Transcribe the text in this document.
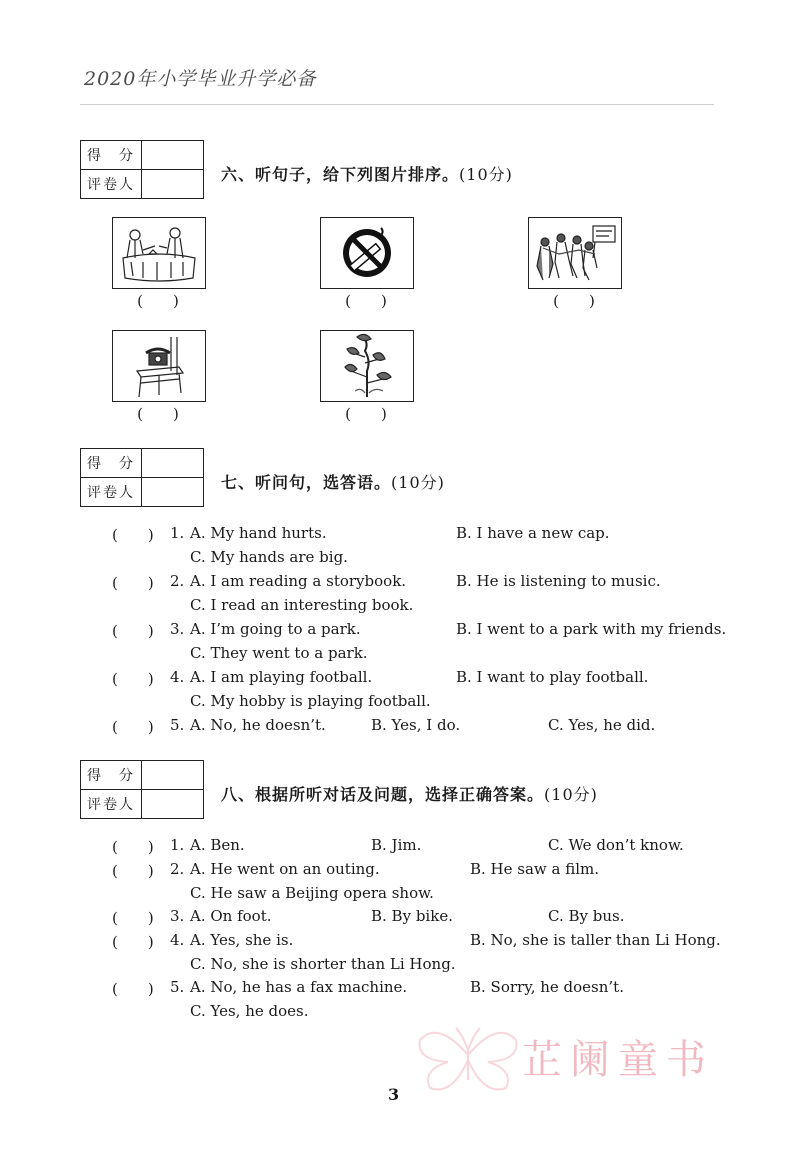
2020年小学毕业升学必备
得　分	
评卷人	
六、听句子，给下列图片排序。(10分)
(　　)	(　　)	(　　)
(　　)	(　　)
得　分	
评卷人	
七、听问句，选答语。(10分)
(　　) 1. A. My hand hurts.	B. I have a new cap.
C. My hands are big.
(　　) 2. A. I am reading a storybook.	B. He is listening to music.
C. I read an interesting book.
(　　) 3. A. I’m going to a park.	B. I went to a park with my friends.
C. They went to a park.
(　　) 4. A. I am playing football.	B. I want to play football.
C. My hobby is playing football.
(　　) 5. A. No, he doesn’t.	B. Yes, I do.	C. Yes, he did.
得　分	
评卷人	
八、根据所听对话及问题，选择正确答案。(10分)
(　　) 1. A. Ben.	B. Jim.	C. We don’t know.
(　　) 2. A. He went on an outing.	B. He saw a film.
C. He saw a Beijing opera show.
(　　) 3. A. On foot.	B. By bike.	C. By bus.
(　　) 4. A. Yes, she is.	B. No, she is taller than Li Hong.
C. No, she is shorter than Li Hong.
(　　) 5. A. No, he has a fax machine.	B. Sorry, he doesn’t.
C. Yes, he does.
芷阑童书
3
